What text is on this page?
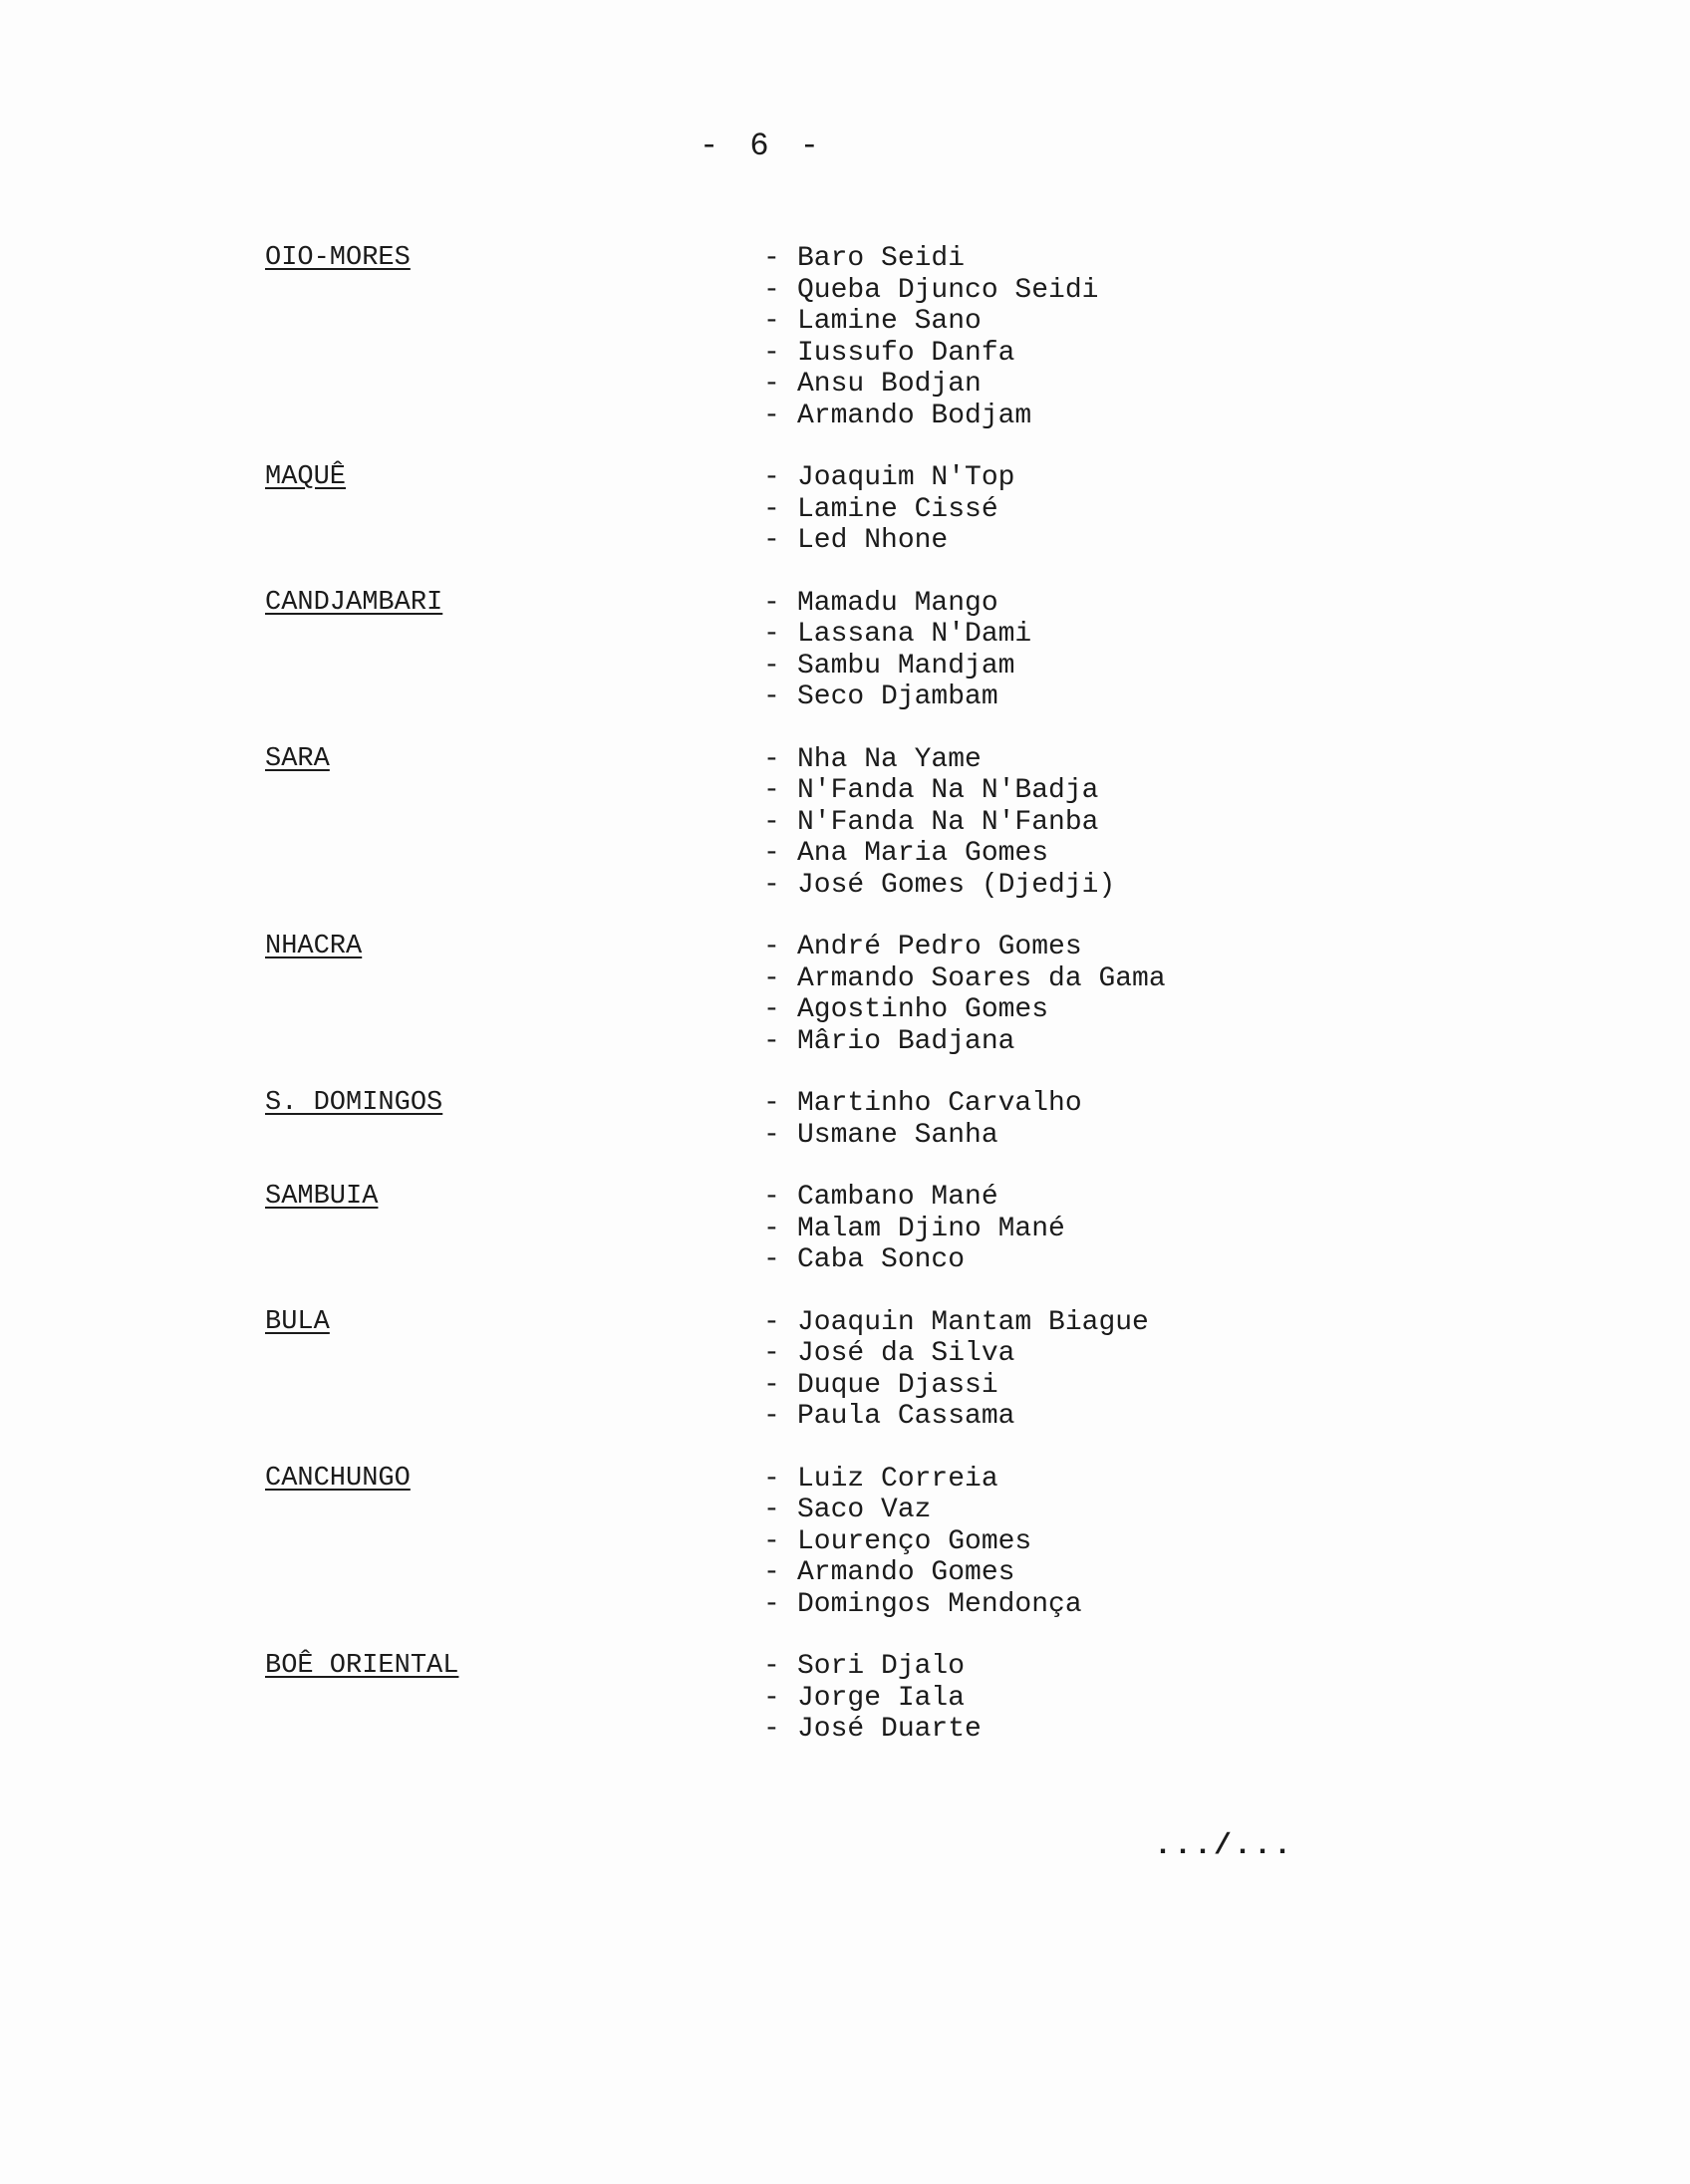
- 6 -
OIO-MORES	- Baro Seidi
- Queba Djunco Seidi
- Lamine Sano
- Iussufo Danfa
- Ansu Bodjan
- Armando Bodjam
MAQUÊ	- Joaquim N'Top
- Lamine Cissé
- Led Nhone
CANDJAMBARI	- Mamadu Mango
- Lassana N'Dami
- Sambu Mandjam
- Seco Djambam
SARA	- Nha Na Yame
- N'Fanda Na N'Badja
- N'Fanda Na N'Fanba
- Ana Maria Gomes
- José Gomes (Djedji)
NHACRA	- André Pedro Gomes
- Armando Soares da Gama
- Agostinho Gomes
- Mârio Badjana
S. DOMINGOS	- Martinho Carvalho
- Usmane Sanha
SAMBUIA	- Cambano Mané
- Malam Djino Mané
- Caba Sonco
BULA	- Joaquin Mantam Biague
- José da Silva
- Duque Djassi
- Paula Cassama
CANCHUNGO	- Luiz Correia
- Saco Vaz
- Lourenço Gomes
- Armando Gomes
- Domingos Mendonça
BOÊ ORIENTAL	- Sori Djalo
- Jorge Iala
- José Duarte
.../...
